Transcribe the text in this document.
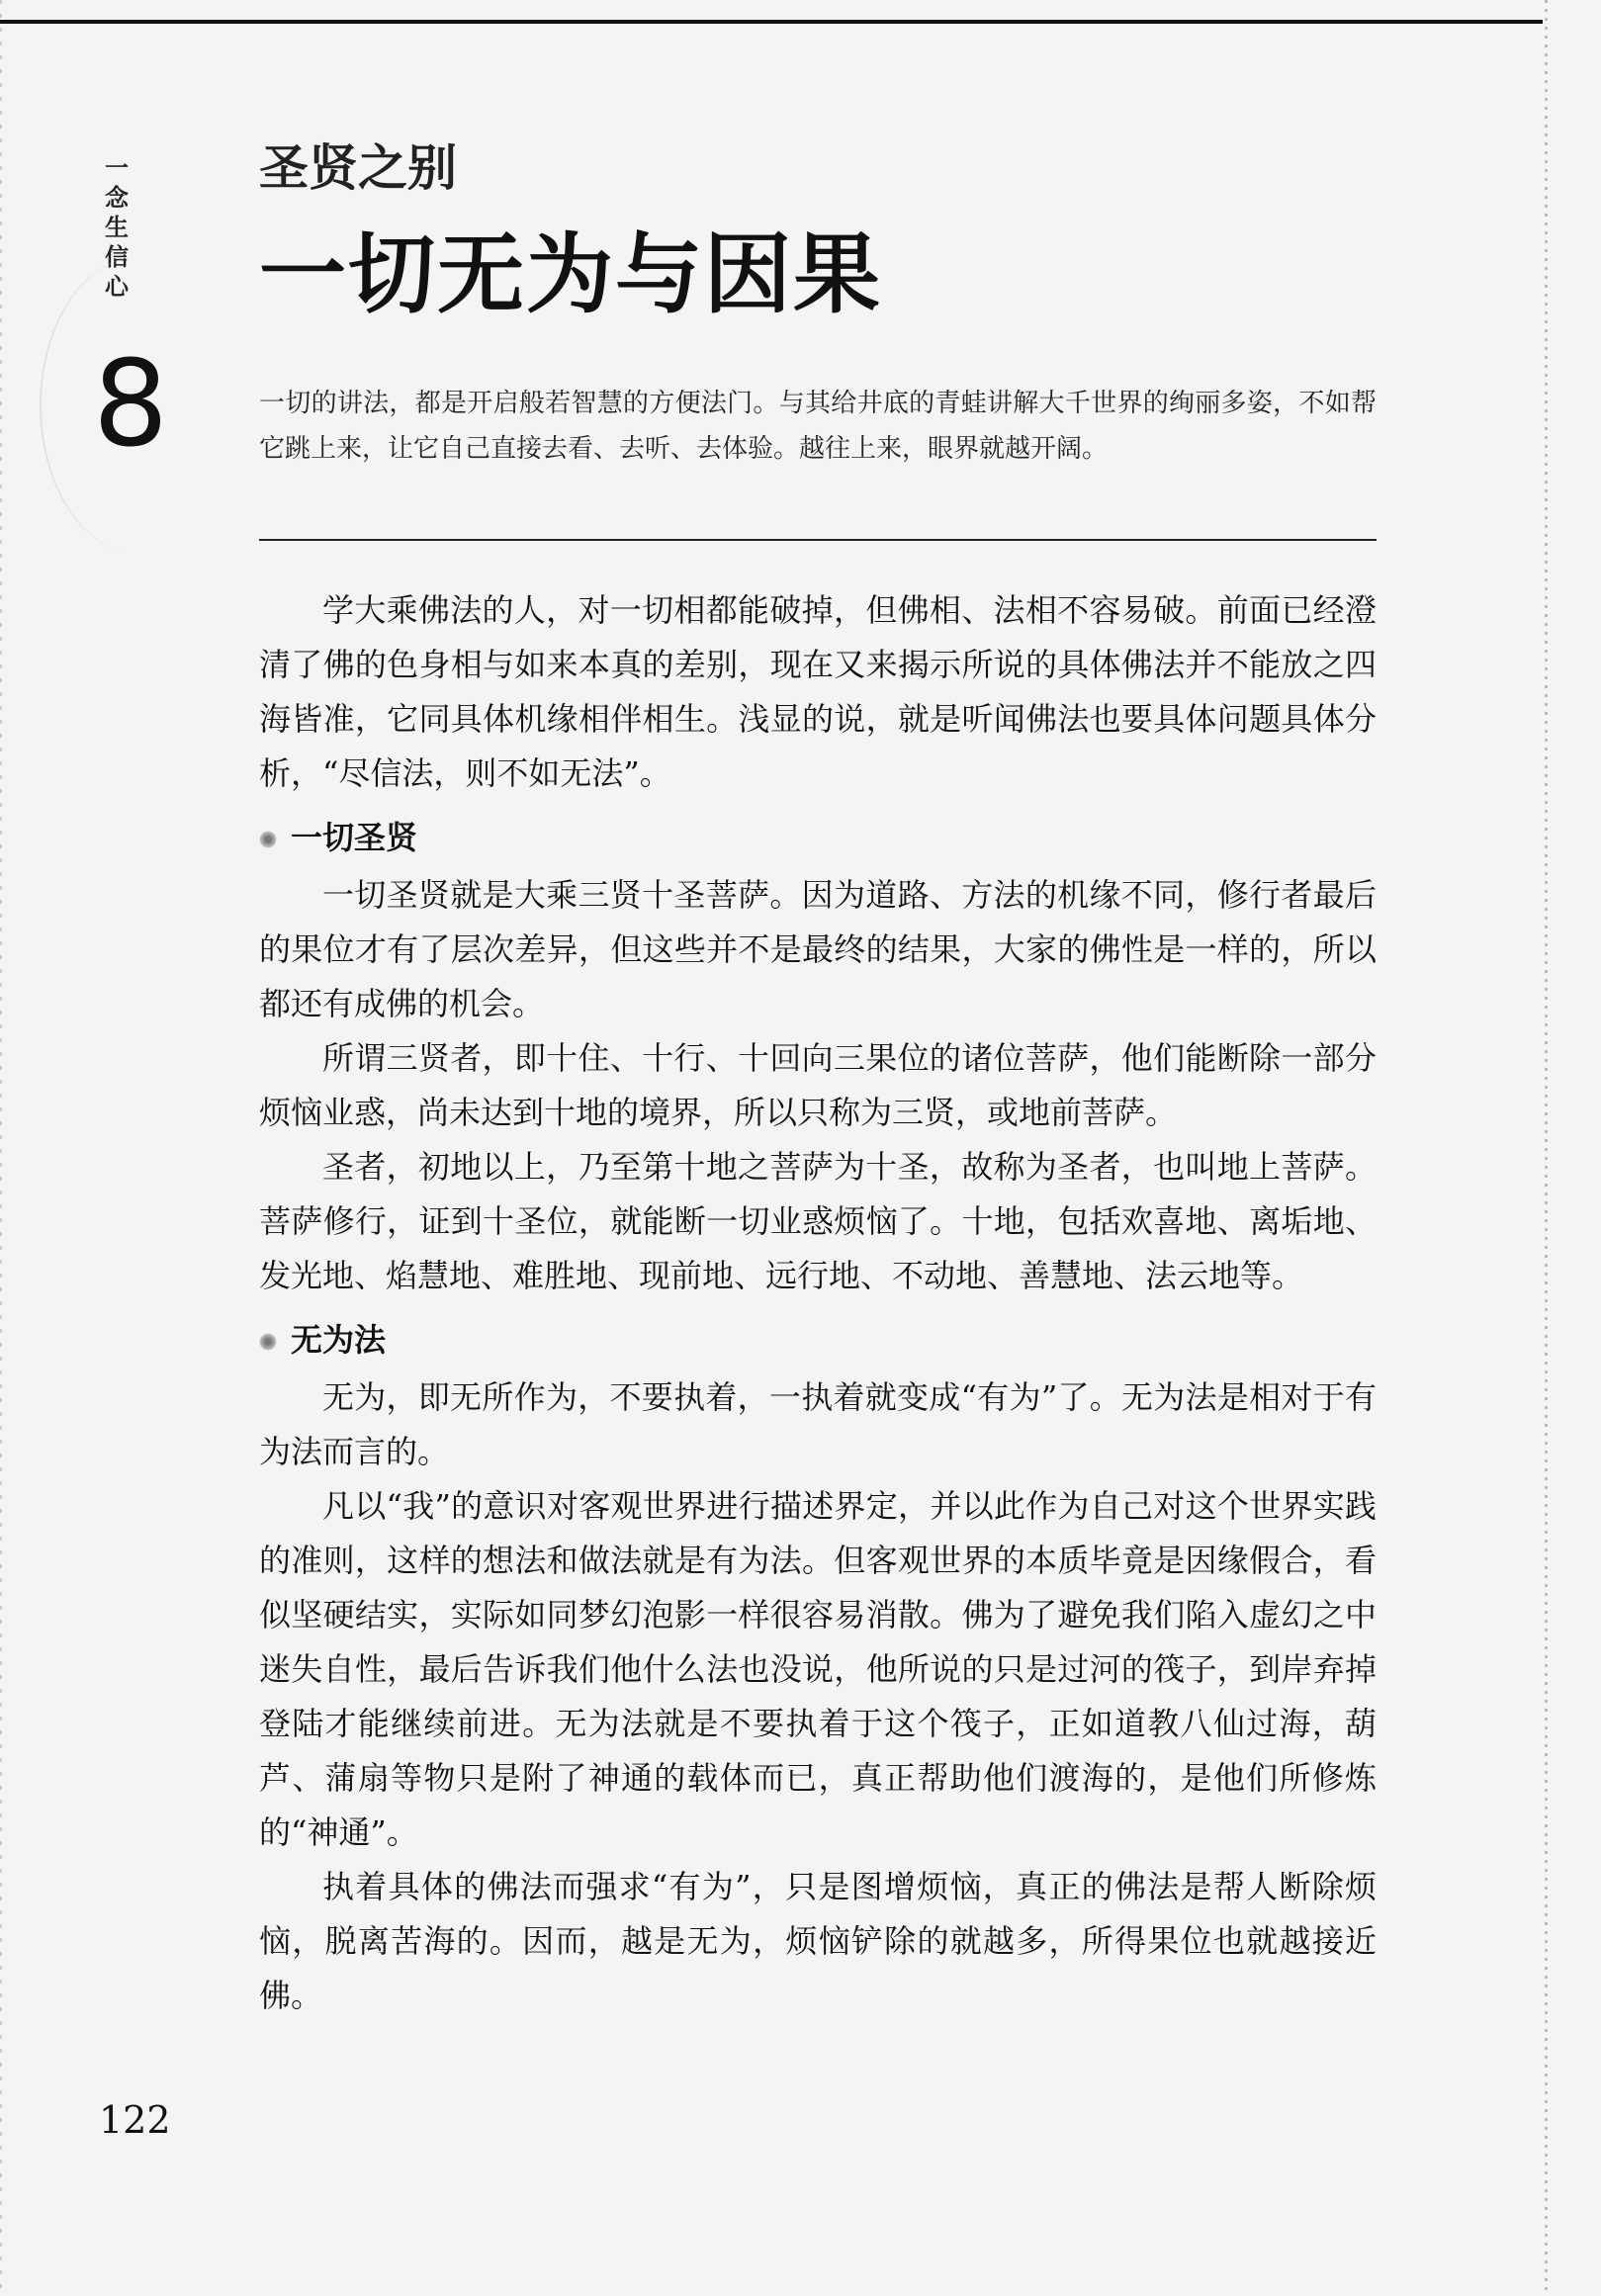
一念生信心
8
圣贤之别
一切无为与因果
一切的讲法，都是开启般若智慧的方便法门。与其给井底的青蛙讲解大千世界的绚丽多姿，不如帮它跳上来，让它自己直接去看、去听、去体验。越往上来，眼界就越开阔。

学大乘佛法的人，对一切相都能破掉，但佛相、法相不容易破。前面已经澄清了佛的色身相与如来本真的差别，现在又来揭示所说的具体佛法并不能放之四海皆准，它同具体机缘相伴相生。浅显的说，就是听闻佛法也要具体问题具体分析，“尽信法，则不如无法”。

一切圣贤

一切圣贤就是大乘三贤十圣菩萨。因为道路、方法的机缘不同，修行者最后的果位才有了层次差异，但这些并不是最终的结果，大家的佛性是一样的，所以都还有成佛的机会。

所谓三贤者，即十住、十行、十回向三果位的诸位菩萨，他们能断除一部分烦恼业惑，尚未达到十地的境界，所以只称为三贤，或地前菩萨。

圣者，初地以上，乃至第十地之菩萨为十圣，故称为圣者，也叫地上菩萨。菩萨修行，证到十圣位，就能断一切业惑烦恼了。十地，包括欢喜地、离垢地、发光地、焰慧地、难胜地、现前地、远行地、不动地、善慧地、法云地等。

无为法

无为，即无所作为，不要执着，一执着就变成“有为”了。无为法是相对于有为法而言的。

凡以“我”的意识对客观世界进行描述界定，并以此作为自己对这个世界实践的准则，这样的想法和做法就是有为法。但客观世界的本质毕竟是因缘假合，看似坚硬结实，实际如同梦幻泡影一样很容易消散。佛为了避免我们陷入虚幻之中迷失自性，最后告诉我们他什么法也没说，他所说的只是过河的筏子，到岸弃掉登陆才能继续前进。无为法就是不要执着于这个筏子，正如道教八仙过海，葫芦、蒲扇等物只是附了神通的载体而已，真正帮助他们渡海的，是他们所修炼的“神通”。

执着具体的佛法而强求“有为”，只是图增烦恼，真正的佛法是帮人断除烦恼，脱离苦海的。因而，越是无为，烦恼铲除的就越多，所得果位也就越接近佛。

122
